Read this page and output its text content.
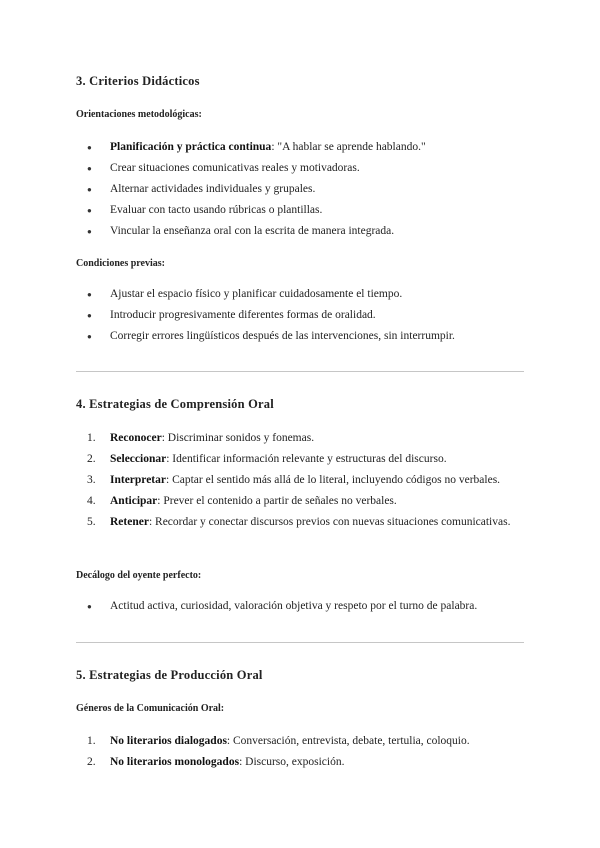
3. Criterios Didácticos
Orientaciones metodológicas:
● Planificación y práctica continua: "A hablar se aprende hablando."
● Crear situaciones comunicativas reales y motivadoras.
● Alternar actividades individuales y grupales.
● Evaluar con tacto usando rúbricas o plantillas.
● Vincular la enseñanza oral con la escrita de manera integrada.
Condiciones previas:
● Ajustar el espacio físico y planificar cuidadosamente el tiempo.
● Introducir progresivamente diferentes formas de oralidad.
● Corregir errores lingüísticos después de las intervenciones, sin interrumpir.
4. Estrategias de Comprensión Oral
1.	Reconocer: Discriminar sonidos y fonemas.
2.	Seleccionar: Identificar información relevante y estructuras del discurso.
3.	Interpretar: Captar el sentido más allá de lo literal, incluyendo códigos no verbales.
4.	Anticipar: Prever el contenido a partir de señales no verbales.
5.	Retener: Recordar y conectar discursos previos con nuevas situaciones comunicativas.
Decálogo del oyente perfecto:
● Actitud activa, curiosidad, valoración objetiva y respeto por el turno de palabra.
5. Estrategias de Producción Oral
Géneros de la Comunicación Oral:
1.	No literarios dialogados: Conversación, entrevista, debate, tertulia, coloquio.
2.	No literarios monologados: Discurso, exposición.
